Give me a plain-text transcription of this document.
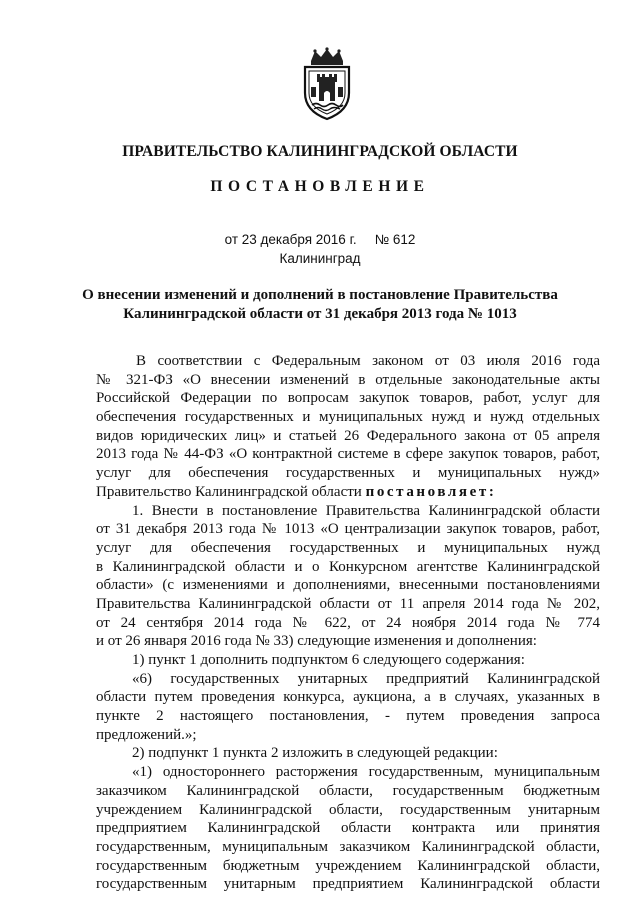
ПРАВИТЕЛЬСТВО КАЛИНИНГРАДСКОЙ ОБЛАСТИ
ПОСТАНОВЛЕНИЕ
от 23 декабря 2016 г. № 612
Калининград
О внесении изменений и дополнений в постановление Правительства
Калининградской области от 31 декабря 2013 года № 1013
В соответствии с Федеральным законом от 03 июля 2016 года
№ 321-ФЗ «О внесении изменений в отдельные законодательные акты
Российской Федерации по вопросам закупок товаров, работ, услуг для
обеспечения государственных и муниципальных нужд и нужд отдельных
видов юридических лиц» и статьей 26 Федерального закона от 05 апреля
2013 года № 44-ФЗ «О контрактной системе в сфере закупок товаров, работ,
услуг для обеспечения государственных и муниципальных нужд»
Правительство Калининградской области постановляет:
1. Внести в постановление Правительства Калининградской области
от 31 декабря 2013 года № 1013 «О централизации закупок товаров, работ,
услуг для обеспечения государственных и муниципальных нужд
в Калининградской области и о Конкурсном агентстве Калининградской
области» (с изменениями и дополнениями, внесенными постановлениями
Правительства Калининградской области от 11 апреля 2014 года № 202,
от 24 сентября 2014 года № 622, от 24 ноября 2014 года № 774
и от 26 января 2016 года № 33) следующие изменения и дополнения:
1) пункт 1 дополнить подпунктом 6 следующего содержания:
«6) государственных унитарных предприятий Калининградской
области путем проведения конкурса, аукциона, а в случаях, указанных в
пункте 2 настоящего постановления, - путем проведения запроса
предложений.»;
2) подпункт 1 пункта 2 изложить в следующей редакции:
«1) одностороннего расторжения государственным, муниципальным
заказчиком Калининградской области, государственным бюджетным
учреждением Калининградской области, государственным унитарным
предприятием Калининградской области контракта или принятия
государственным, муниципальным заказчиком Калининградской области,
государственным бюджетным учреждением Калининградской области,
государственным унитарным предприятием Калининградской области
